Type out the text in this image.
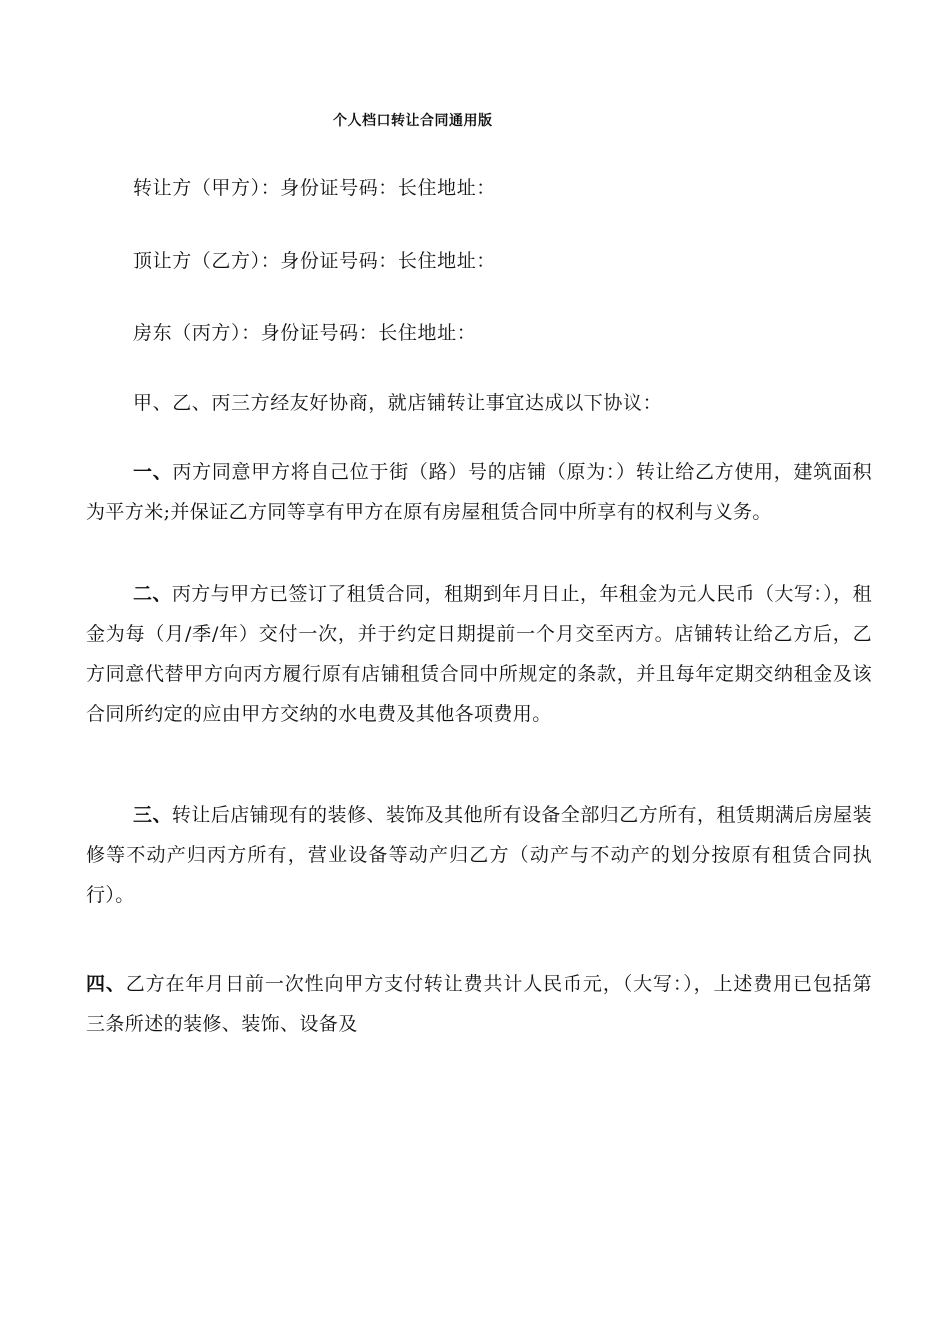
个人档口转让合同通用版
转让方（甲方）：身份证号码：长住地址：
顶让方（乙方）：身份证号码：长住地址：
房东（丙方）：身份证号码：长住地址：
甲、乙、丙三方经友好协商，就店铺转让事宜达成以下协议：
一、丙方同意甲方将自己位于街（路）号的店铺（原为：）转让给乙方使用，建筑面积为平方米;并保证乙方同等享有甲方在原有房屋租赁合同中所享有的权利与义务。
二、丙方与甲方已签订了租赁合同，租期到年月日止，年租金为元人民币（大写：），租金为每（月/季/年）交付一次，并于约定日期提前一个月交至丙方。店铺转让给乙方后，乙方同意代替甲方向丙方履行原有店铺租赁合同中所规定的条款，并且每年定期交纳租金及该合同所约定的应由甲方交纳的水电费及其他各项费用。
三、转让后店铺现有的装修、装饰及其他所有设备全部归乙方所有，租赁期满后房屋装修等不动产归丙方所有，营业设备等动产归乙方（动产与不动产的划分按原有租赁合同执行）。
四、乙方在年月日前一次性向甲方支付转让费共计人民币元，（大写：），上述费用已包括第三条所述的装修、装饰、设备及
